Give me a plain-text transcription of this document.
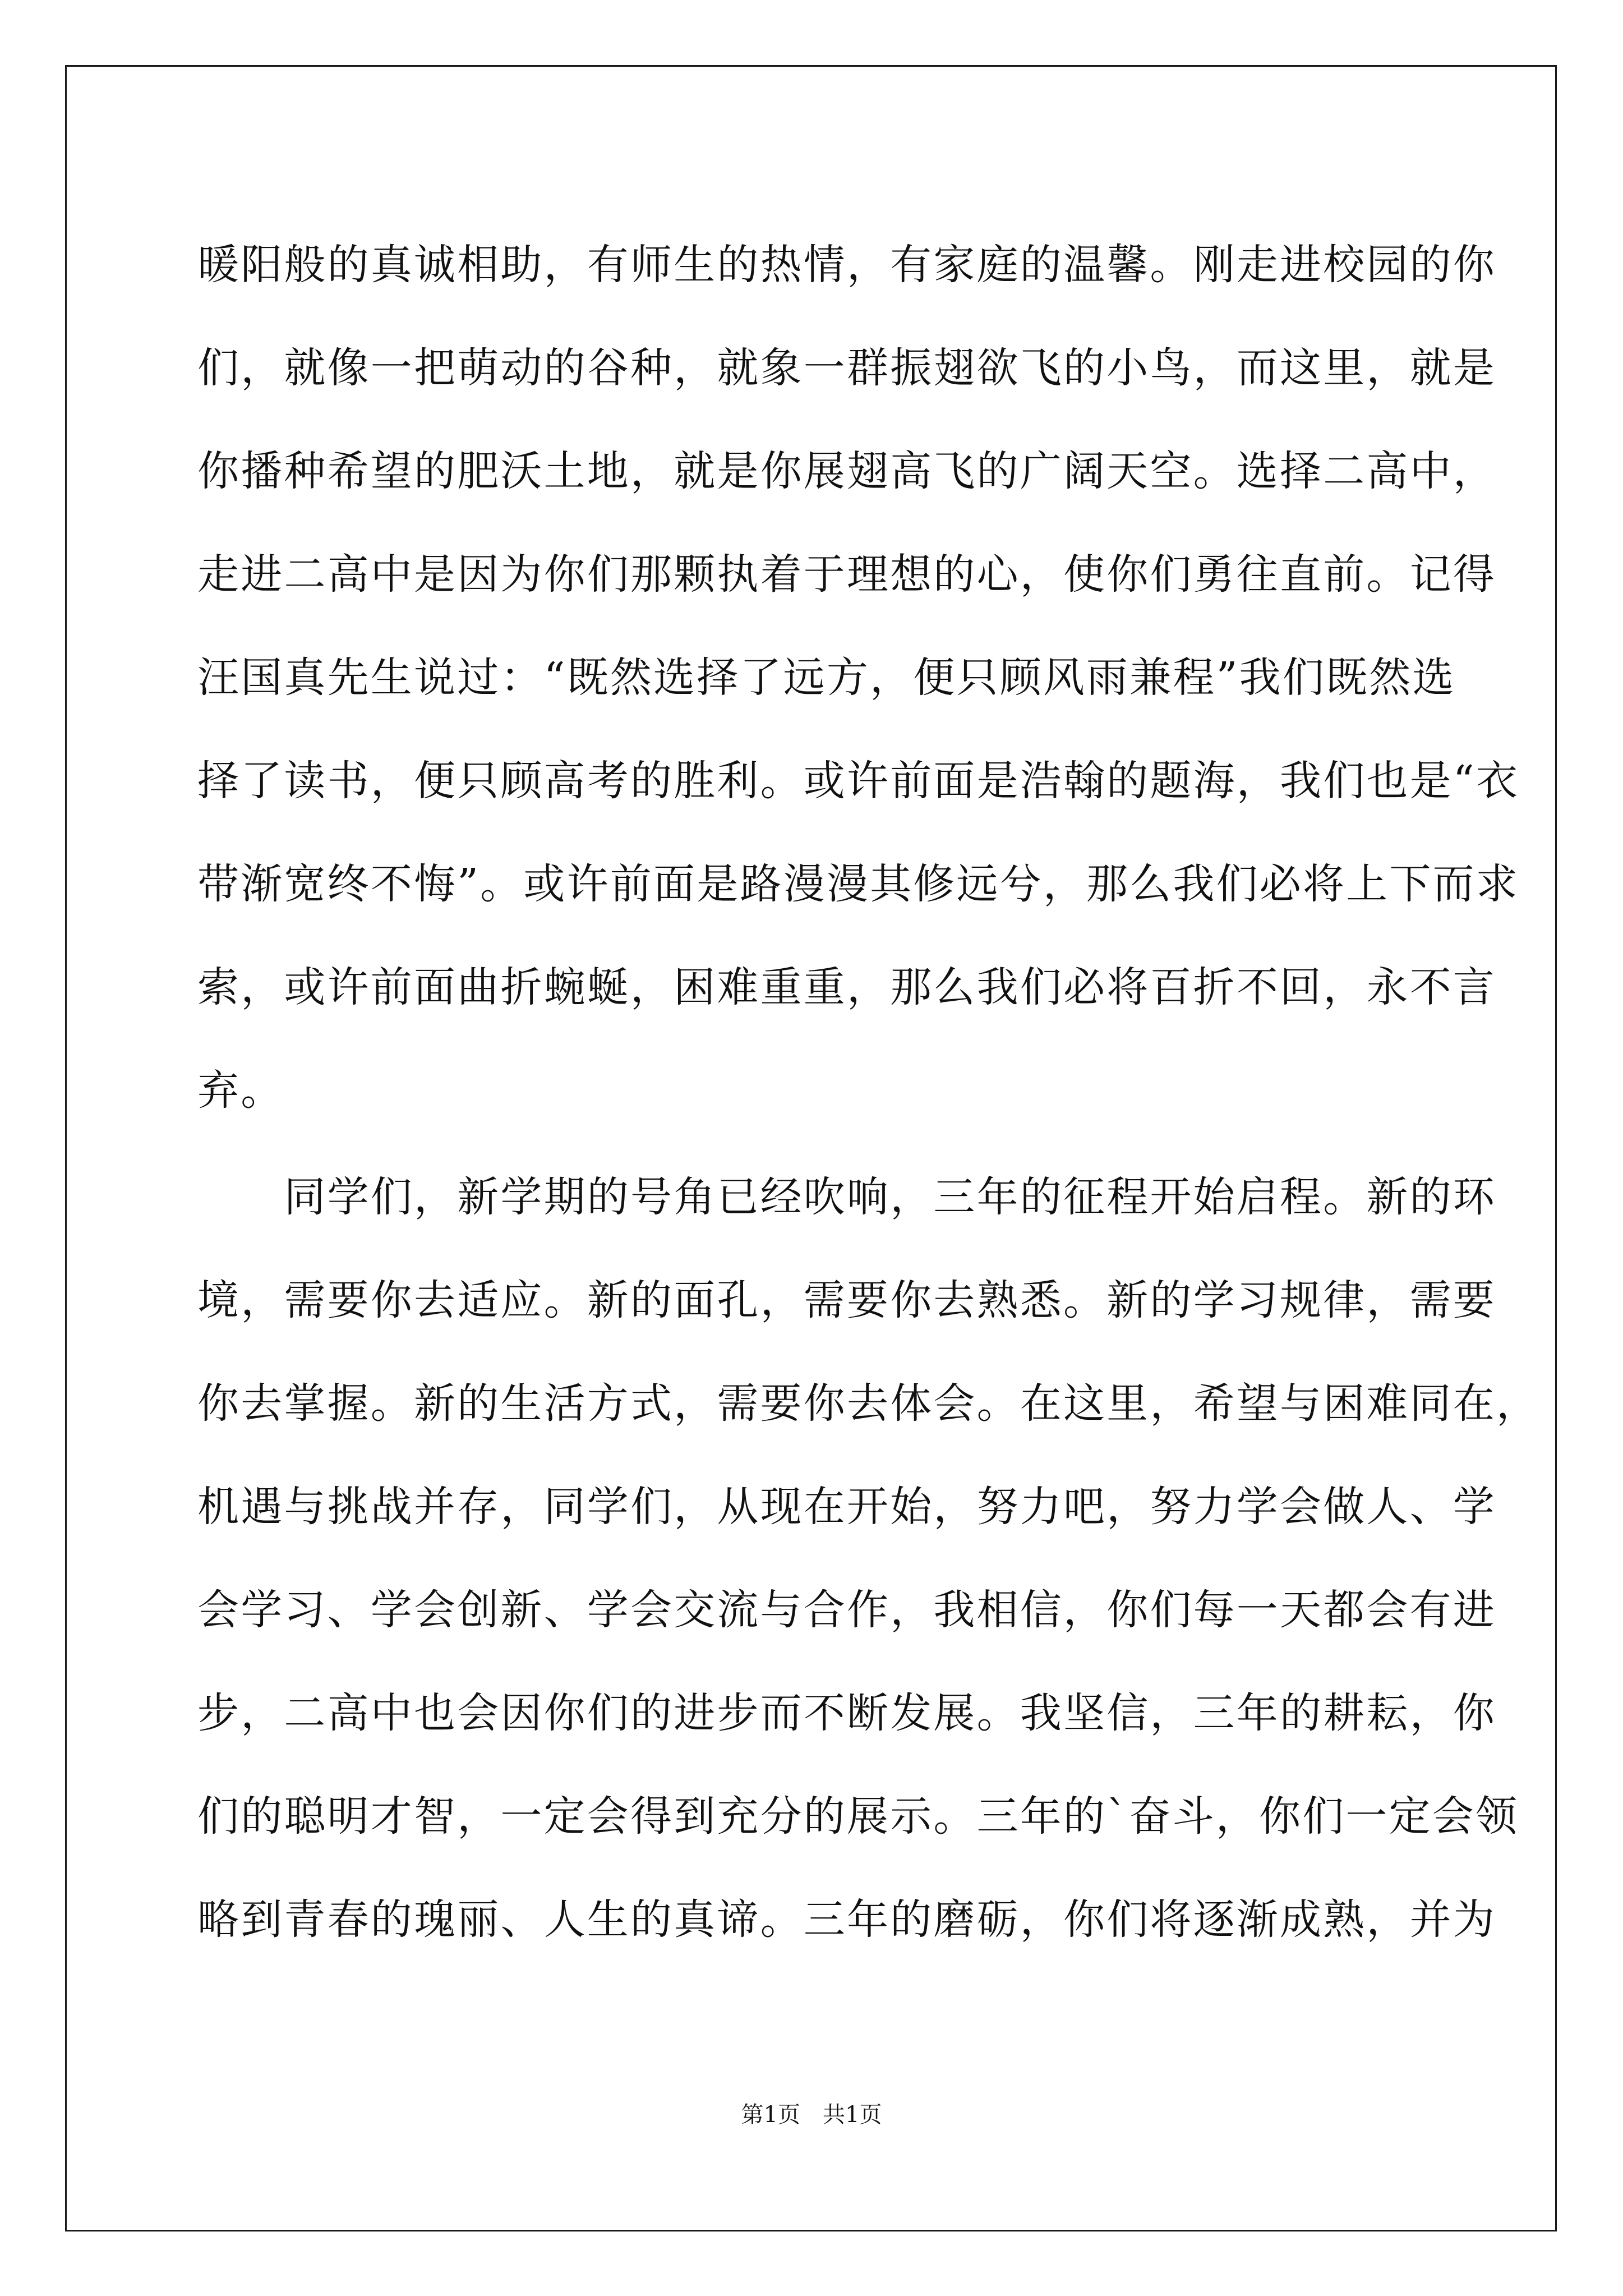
暖阳般的真诚相助，有师生的热情，有家庭的温馨。刚走进校园的你
们，就像一把萌动的谷种，就象一群振翅欲飞的小鸟，而这里，就是
你播种希望的肥沃土地，就是你展翅高飞的广阔天空。选择二高中，
走进二高中是因为你们那颗执着于理想的心，使你们勇往直前。记得
汪国真先生说过：“既然选择了远方，便只顾风雨兼程”我们既然选
择了读书，便只顾高考的胜利。或许前面是浩翰的题海，我们也是“衣
带渐宽终不悔”。或许前面是路漫漫其修远兮，那么我们必将上下而求
索，或许前面曲折蜿蜒，困难重重，那么我们必将百折不回，永不言
弃。
　　同学们，新学期的号角已经吹响，三年的征程开始启程。新的环
境，需要你去适应。新的面孔，需要你去熟悉。新的学习规律，需要
你去掌握。新的生活方式，需要你去体会。在这里，希望与困难同在，
机遇与挑战并存，同学们，从现在开始，努力吧，努力学会做人、学
会学习、学会创新、学会交流与合作，我相信，你们每一天都会有进
步，二高中也会因你们的进步而不断发展。我坚信，三年的耕耘，你
们的聪明才智，一定会得到充分的展示。三年的`奋斗，你们一定会领
略到青春的瑰丽、人生的真谛。三年的磨砺，你们将逐渐成熟，并为
第1页　共1页
